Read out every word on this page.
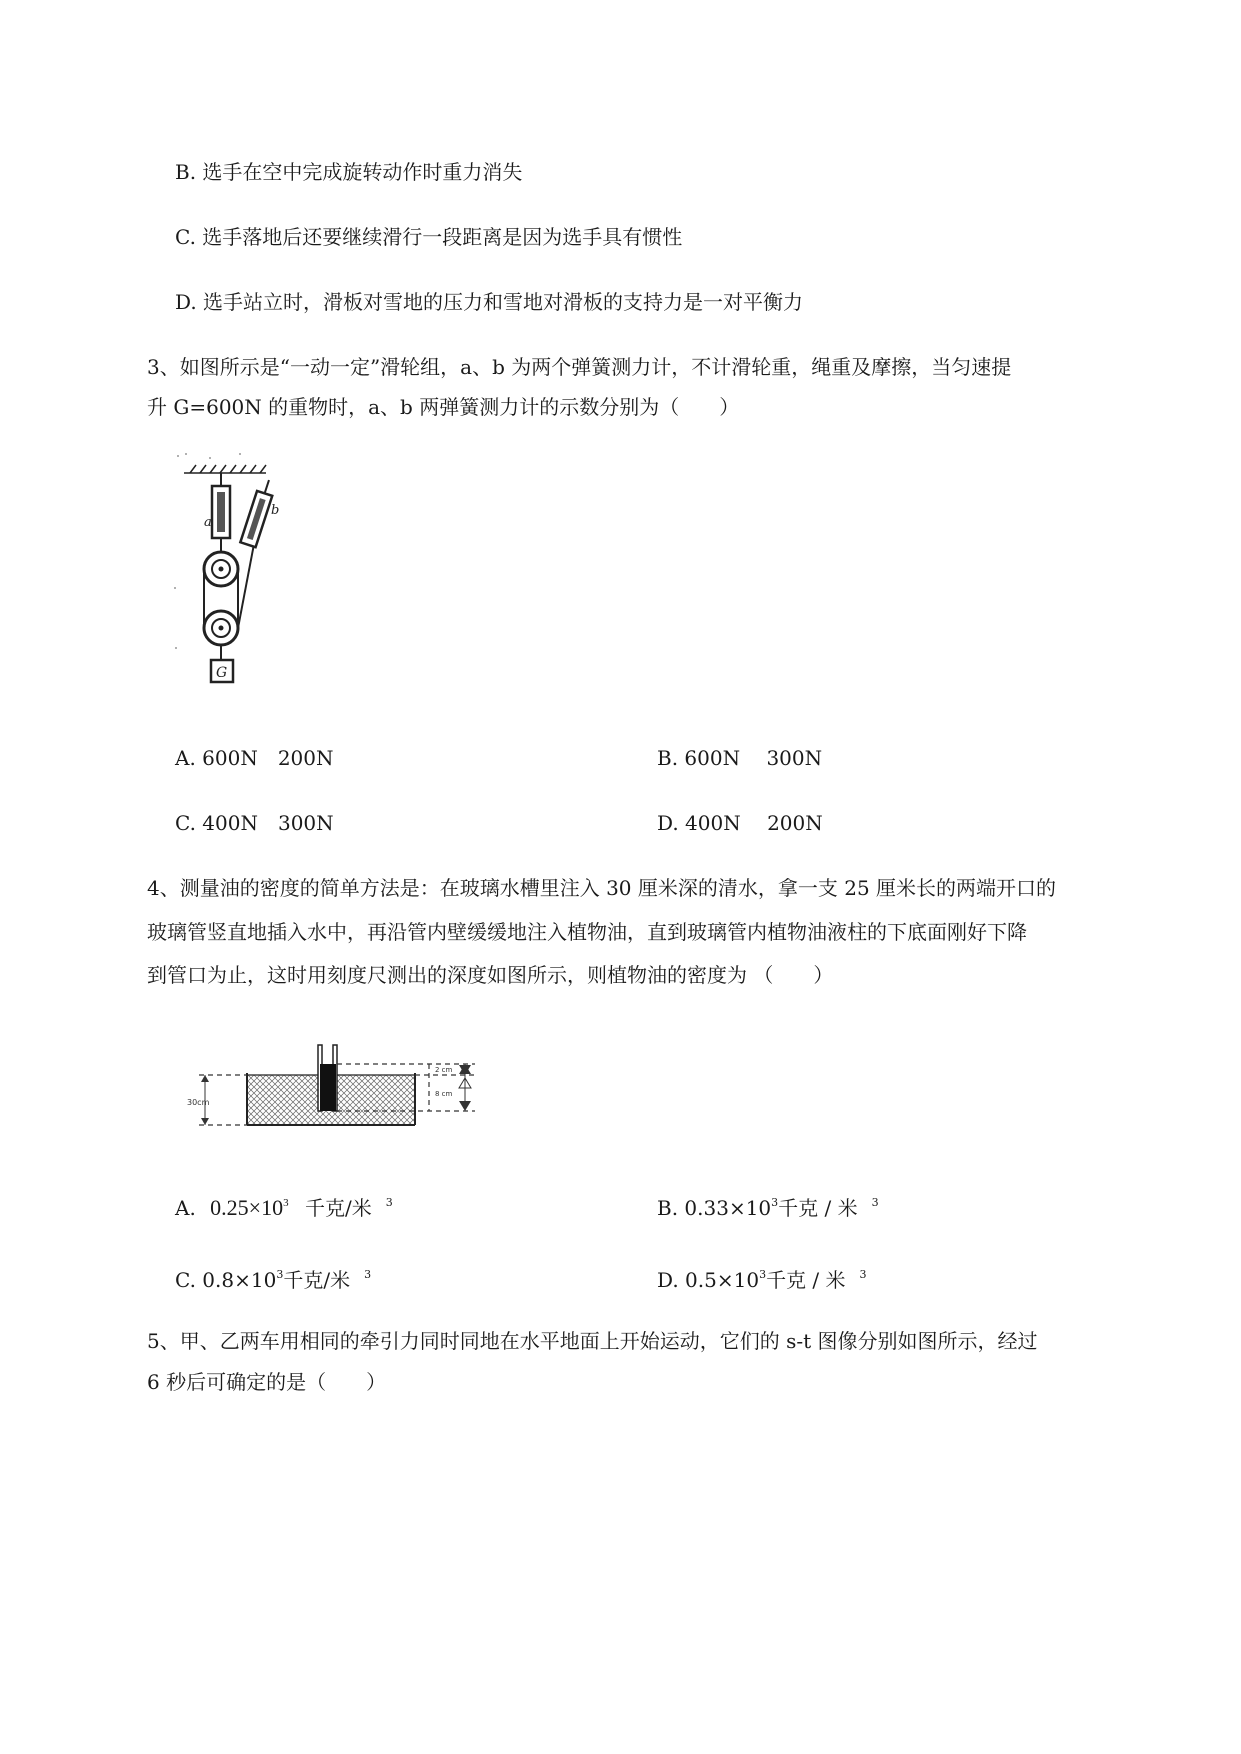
B. 选手在空中完成旋转动作时重力消失
C. 选手落地后还要继续滑行一段距离是因为选手具有惯性
D. 选手站立时，滑板对雪地的压力和雪地对滑板的支持力是一对平衡力
3、如图所示是“一动一定”滑轮组，a、b 为两个弹簧测力计，不计滑轮重，绳重及摩擦，当匀速提
升 G=600N 的重物时，a、b 两弹簧测力计的示数分别为（　　）
a
b
G
A. 600N　200N	B. 600N　 300N
C. 400N　300N	D. 400N　 200N
4、测量油的密度的简单方法是：在玻璃水槽里注入 30 厘米深的清水，拿一支 25 厘米长的两端开口的
玻璃管竖直地插入水中，再沿管内壁缓缓地注入植物油，直到玻璃管内植物油液柱的下底面刚好下降
到管口为止，这时用刻度尺测出的深度如图所示，则植物油的密度为 （　　）
30cm
2 cm
8 cm
A. $0.25\times 10^3$ 千克/米 $^3$	B. $0.33\times 10^3$千克 / 米 $^3$
C. $0.8\times 10^3$千克/米 $^3$	D. $0.5\times 10^3$千克 / 米 $^3$
5、甲、乙两车用相同的牵引力同时同地在水平地面上开始运动，它们的 s-t 图像分别如图所示，经过
6 秒后可确定的是（　　）
